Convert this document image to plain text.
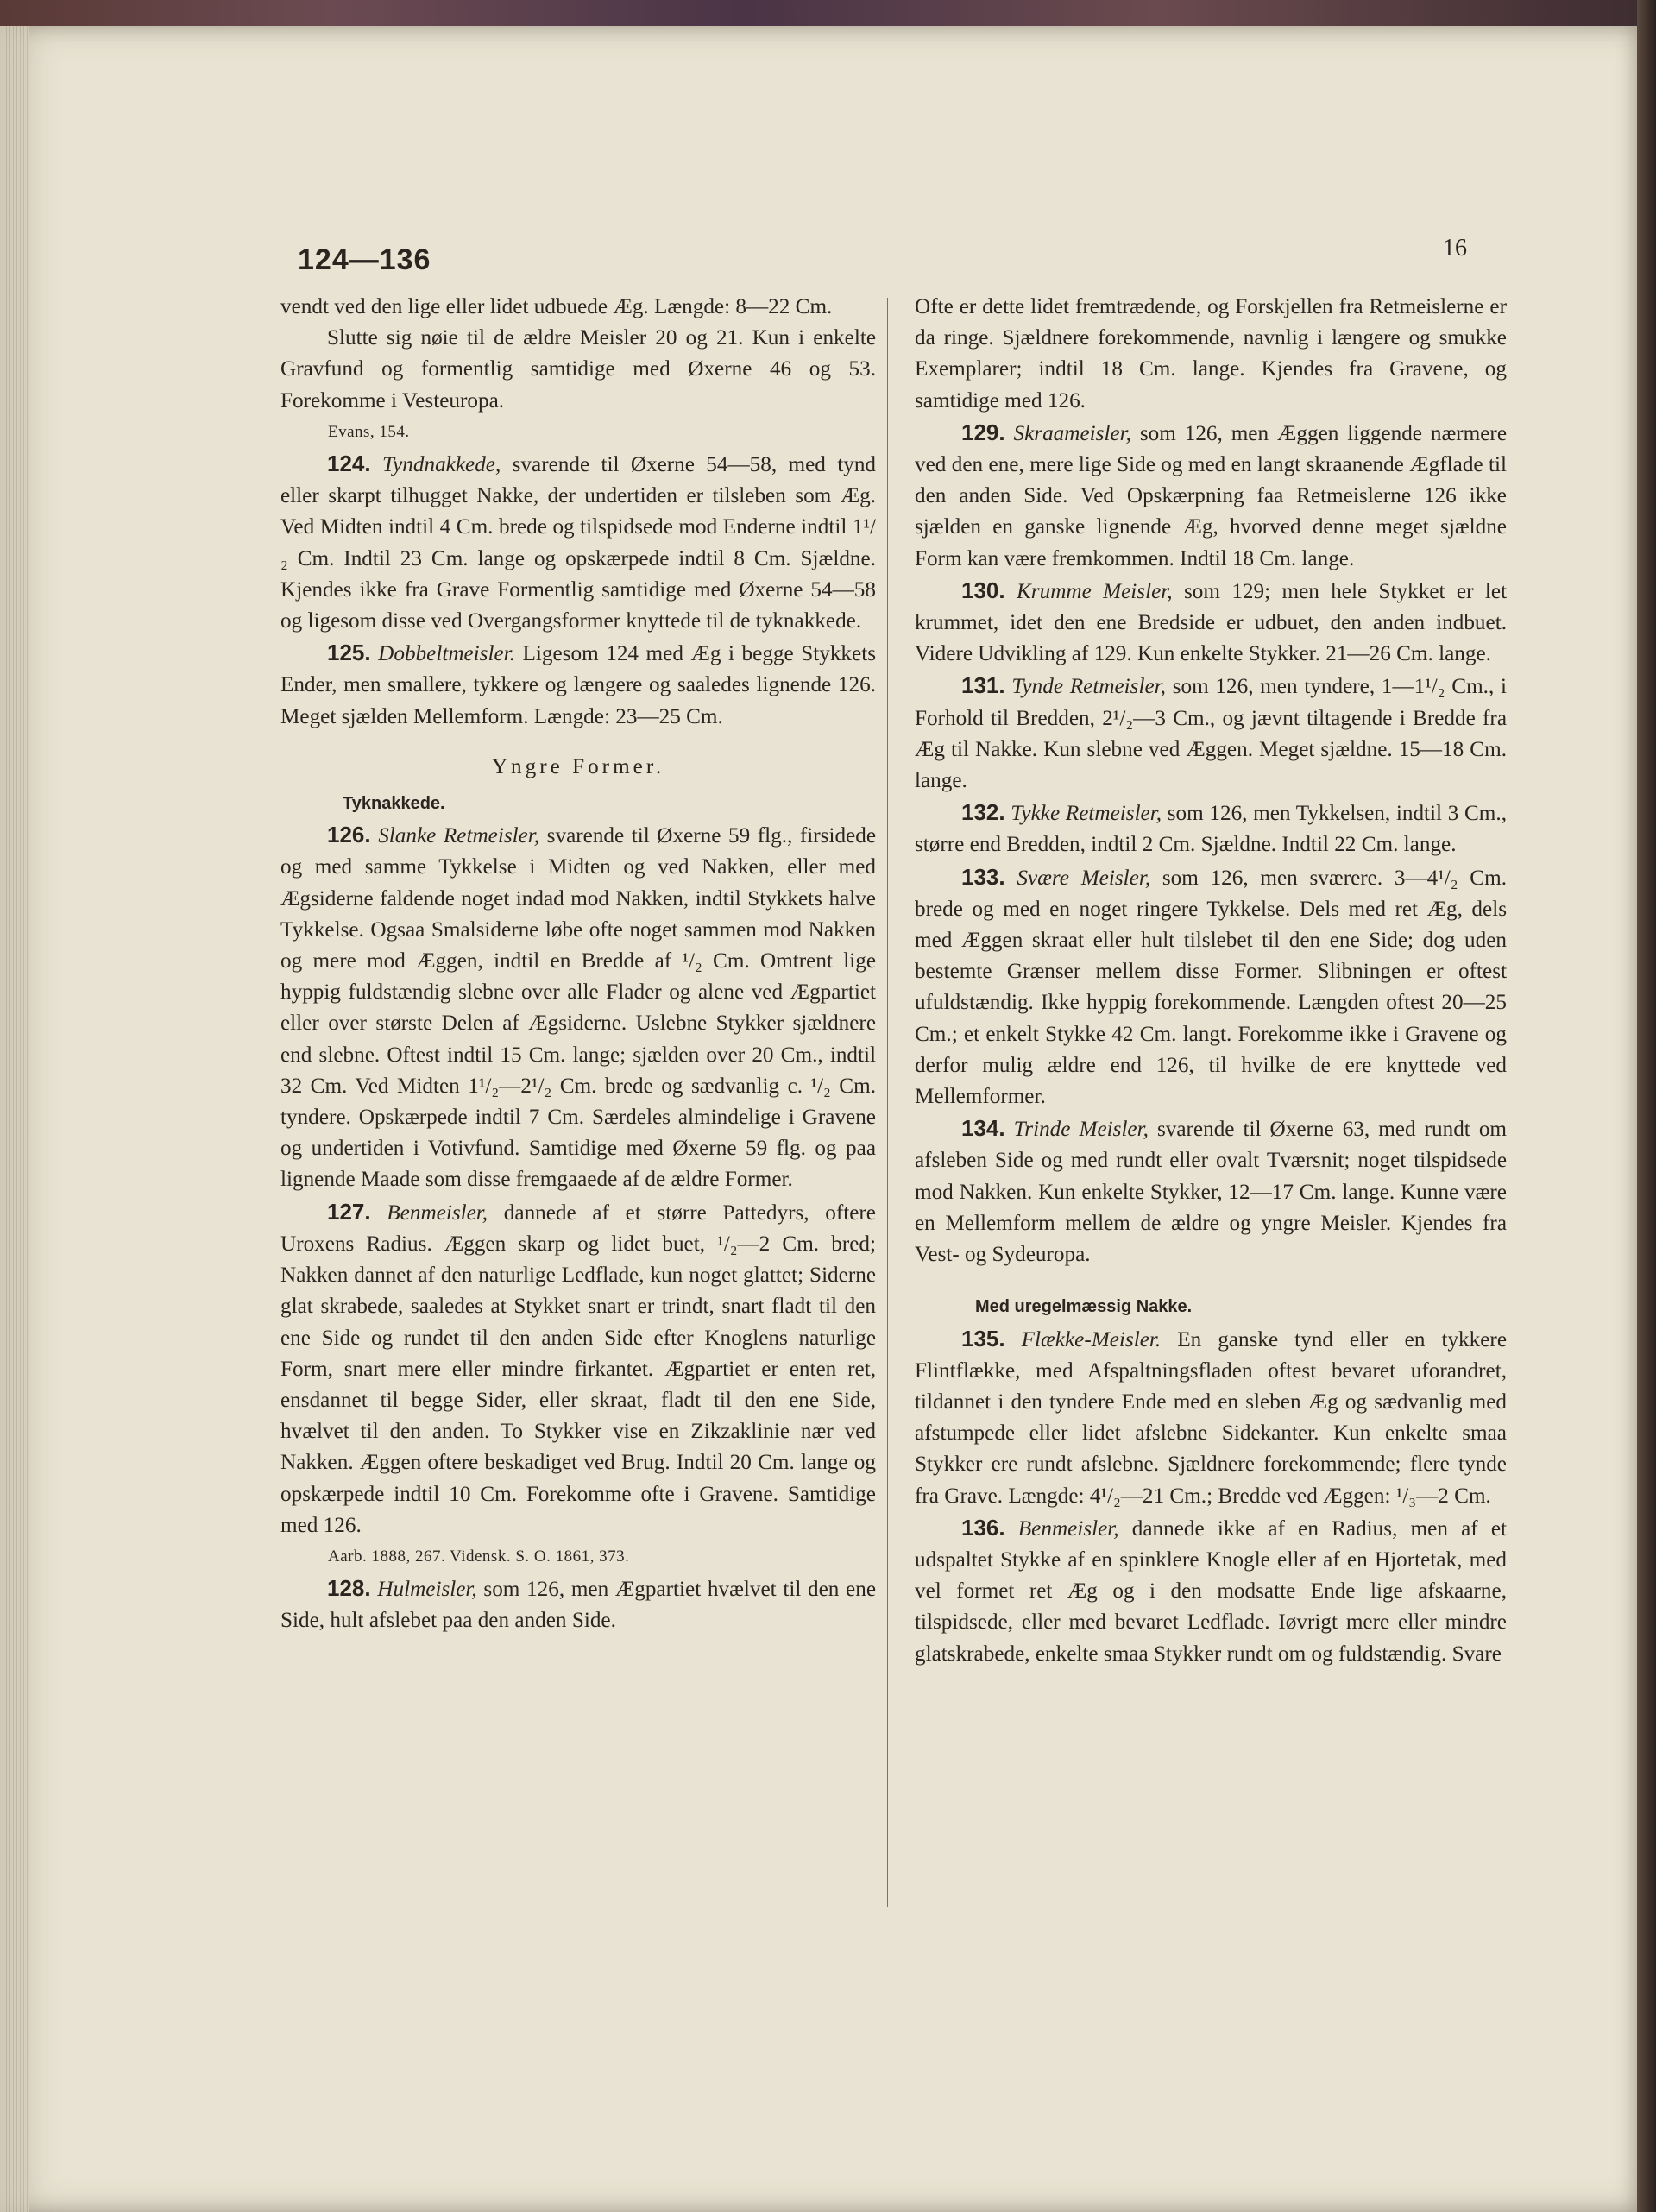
124—136	16

vendt ved den lige eller lidet udbuede Æg. Længde: 8—22 Cm.

Slutte sig nøie til de ældre Meisler 20 og 21. Kun i enkelte Gravfund og formentlig samtidige med Øxerne 46 og 53. Forekomme i Vesteuropa.

Evans, 154.

124. Tyndnakkede, svarende til Øxerne 54—58, med tynd eller skarpt tilhugget Nakke, der undertiden er tilsleben som Æg. Ved Midten indtil 4 Cm. brede og tilspidsede mod Enderne indtil 1¹/₂ Cm. Indtil 23 Cm. lange og opskærpede indtil 8 Cm. Sjældne. Kjendes ikke fra Grave Formentlig samtidige med Øxerne 54—58 og ligesom disse ved Overgangsformer knyttede til de tyknakkede.

125. Dobbeltmeisler. Ligesom 124 med Æg i begge Stykkets Ender, men smallere, tykkere og længere og saaledes lignende 126. Meget sjælden Mellemform. Længde: 23—25 Cm.

Yngre Former.

Tyknakkede.

126. Slanke Retmeisler, svarende til Øxerne 59 flg., firsidede og med samme Tykkelse i Midten og ved Nakken, eller med Ægsiderne faldende noget indad mod Nakken, indtil Stykkets halve Tykkelse. Ogsaa Smalsiderne løbe ofte noget sammen mod Nakken og mere mod Æggen, indtil en Bredde af ¹/₂ Cm. Omtrent lige hyppig fuldstændig slebne over alle Flader og alene ved Ægpartiet eller over største Delen af Ægsiderne. Uslebne Stykker sjældnere end slebne. Oftest indtil 15 Cm. lange; sjælden over 20 Cm., indtil 32 Cm. Ved Midten 1¹/₂—2¹/₂ Cm. brede og sædvanlig c. ¹/₂ Cm. tyndere. Opskærpede indtil 7 Cm. Særdeles almindelige i Gravene og undertiden i Votivfund. Samtidige med Øxerne 59 flg. og paa lignende Maade som disse fremgaaede af de ældre Former.

127. Benmeisler, dannede af et større Pattedyrs, oftere Uroxens Radius. Æggen skarp og lidet buet, ¹/₂—2 Cm. bred; Nakken dannet af den naturlige Ledflade, kun noget glattet; Siderne glat skrabede, saaledes at Stykket snart er trindt, snart fladt til den ene Side og rundet til den anden Side efter Knoglens naturlige Form, snart mere eller mindre firkantet. Ægpartiet er enten ret, ensdannet til begge Sider, eller skraat, fladt til den ene Side, hvælvet til den anden. To Stykker vise en Zikzaklinie nær ved Nakken. Æggen oftere beskadiget ved Brug. Indtil 20 Cm. lange og opskærpede indtil 10 Cm. Forekomme ofte i Gravene. Samtidige med 126.

Aarb. 1888, 267. Vidensk. S. O. 1861, 373.

128. Hulmeisler, som 126, men Ægpartiet hvælvet til den ene Side, hult afslebet paa den anden Side.

Ofte er dette lidet fremtrædende, og Forskjellen fra Retmeislerne er da ringe. Sjældnere forekommende, navnlig i længere og smukke Exemplarer; indtil 18 Cm. lange. Kjendes fra Gravene, og samtidige med 126.

129. Skraameisler, som 126, men Æggen liggende nærmere ved den ene, mere lige Side og med en langt skraanende Ægflade til den anden Side. Ved Opskærpning faa Retmeislerne 126 ikke sjælden en ganske lignende Æg, hvorved denne meget sjældne Form kan være fremkommen. Indtil 18 Cm. lange.

130. Krumme Meisler, som 129; men hele Stykket er let krummet, idet den ene Bredside er udbuet, den anden indbuet. Videre Udvikling af 129. Kun enkelte Stykker. 21—26 Cm. lange.

131. Tynde Retmeisler, som 126, men tyndere, 1—1¹/₂ Cm., i Forhold til Bredden, 2¹/₂—3 Cm., og jævnt tiltagende i Bredde fra Æg til Nakke. Kun slebne ved Æggen. Meget sjældne. 15—18 Cm. lange.

132. Tykke Retmeisler, som 126, men Tykkelsen, indtil 3 Cm., større end Bredden, indtil 2 Cm. Sjældne. Indtil 22 Cm. lange.

133. Svære Meisler, som 126, men sværere. 3—4¹/₂ Cm. brede og med en noget ringere Tykkelse. Dels med ret Æg, dels med Æggen skraat eller hult tilslebet til den ene Side; dog uden bestemte Grænser mellem disse Former. Slibningen er oftest ufuldstændig. Ikke hyppig forekommende. Længden oftest 20—25 Cm.; et enkelt Stykke 42 Cm. langt. Forekomme ikke i Gravene og derfor mulig ældre end 126, til hvilke de ere knyttede ved Mellemformer.

134. Trinde Meisler, svarende til Øxerne 63, med rundt om afsleben Side og med rundt eller ovalt Tværsnit; noget tilspidsede mod Nakken. Kun enkelte Stykker, 12—17 Cm. lange. Kunne være en Mellemform mellem de ældre og yngre Meisler. Kjendes fra Vest- og Sydeuropa.

Med uregelmæssig Nakke.

135. Flække-Meisler. En ganske tynd eller en tykkere Flintflække, med Afspaltningsfladen oftest bevaret uforandret, tildannet i den tyndere Ende med en sleben Æg og sædvanlig med afstumpede eller lidet afslebne Sidekanter. Kun enkelte smaa Stykker ere rundt afslebne. Sjældnere forekommende; flere tynde fra Grave. Længde: 4¹/₂—21 Cm.; Bredde ved Æggen: ¹/₃—2 Cm.

136. Benmeisler, dannede ikke af en Radius, men af et udspaltet Stykke af en spinklere Knogle eller af en Hjortetak, med vel formet ret Æg og i den modsatte Ende lige afskaarne, tilspidsede, eller med bevaret Ledflade. Iøvrigt mere eller mindre glatskrabede, enkelte smaa Stykker rundt om og fuldstændig. Svare
